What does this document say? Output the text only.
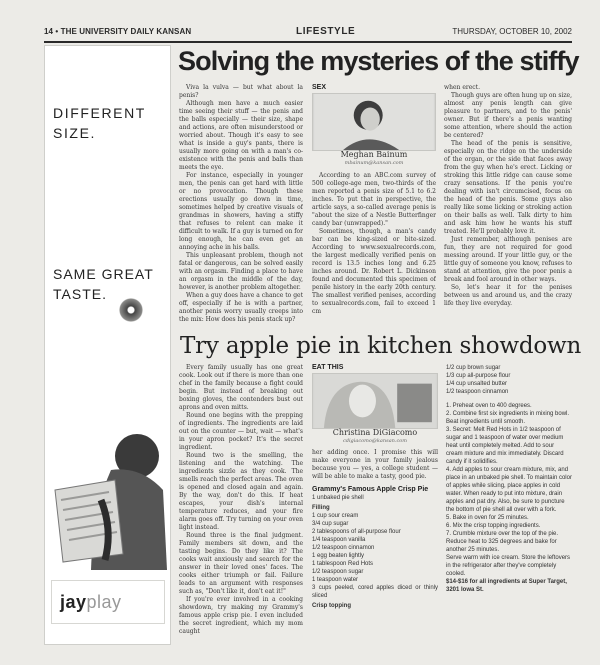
14 • THE UNIVERSITY DAILY KANSAN	LIFESTYLE	THURSDAY, OCTOBER 10, 2002
DIFFERENT
SIZE.
SAME GREAT
TASTE.
jayplay
Solving the mysteries of the stiffy

Viva la vulva — but what about la penis?

Although men have a much easier time seeing their stuff — the penis and the balls especially — their size, shape and actions, are often misunderstood or worried about. Though it's easy to see what is inside a guy's pants, there is usually more going on with a man's co-existence with the penis and balls than meets the eye.

For instance, especially in younger men, the penis can get hard with little or no provocation. Though these erections usually go down in time, sometimes helped by creative visuals of grandmas in showers, having a stiffy that refuses to relent can make it difficult to walk. If a guy is turned on for long enough, he can even get an annoying ache in his balls.

This unpleasant problem, though not fatal or dangerous, can be solved easily with an orgasm. Finding a place to have an orgasm in the middle of the day, however, is another problem altogether.

When a guy does have a chance to get off, especially if he is with a partner, another penis worry usually creeps into the mix: How does his penis stack up?

SEX
Meghan Bainum
mbainum@kansan.com

According to an ABC.com survey of 500 college-age men, two-thirds of the men reported a penis size of 5.1 to 6.2 inches. To put that in perspective, the article says, a so-called average penis is "about the size of a Nestle Butterfinger candy bar (unwrapped)."

Sometimes, though, a man's candy bar can be king-sized or bite-sized. According to www.sexualrecords.com, the largest medically verified penis on record is 13.5 inches long and 6.25 inches around. Dr. Robert L. Dickinson found and documented this specimen of penile history in the early 20th century. The smallest verified penises, according to sexualrecords.com, fail to exceed 1 cm

when erect.

Though guys are often hung up on size, almost any penis length can give pleasure to partners, and to the penis' owner. But if there's a penis wanting some attention, where should the action be centered?

The head of the penis is sensitive, especially on the ridge on the underside of the organ, or the side that faces away from the guy when he's erect. Licking or stroking this little ridge can cause some crazy sensations. If the penis you're dealing with isn't circumcised, focus on the head of the penis. Some guys also really like some licking or stroking action on their balls as well. Talk dirty to him and ask him how he wants his stuff treated. He'll probably love it.

Just remember, although penises are fun, they are not required for good messing around. If your little guy, or the little guy of someone you know, refuses to stand at attention, give the poor penis a break and fool around in other ways.

So, let's hear it for the penises between us and around us, and the crazy life they live everyday.

Try apple pie in kitchen showdown

Every family usually has one great cook. Look out if there is more than one chef in the family because a fight could begin. But instead of breaking out boxing gloves, the contenders bust out aprons and oven mitts.

Round one begins with the prepping of ingredients. The ingredients are laid out on the counter — but, wait — what's in your apron pocket? It's the secret ingredient.

Round two is the smelling, the listening and the watching. The ingredients sizzle as they cook. The smells reach the perfect areas. The oven is opened and closed again and again. By the way, don't do this. If heat escapes, your dish's internal temperature reduces, and your fire alarm goes off. Try turning on your oven light instead.

Round three is the final judgment. Family members sit down, and the tasting begins. Do they like it? The cooks wait anxiously and search for the answer in their loved ones' faces. The cooks either triumph or fail. Failure leads to an argument with responses such as, "Don't like it, don't eat it!"

If you're ever involved in a cooking showdown, try making my Grammy's famous apple crisp pie. I even included the secret ingredient, which my mom caught

EAT THIS
Christina DiGiacomo
cdigiacomo@kansan.com

her adding once. I promise this will make everyone in your family jealous because you — yes, a college student — will be able to make a tasty, good pie.

Grammy's Famous Apple Crisp Pie
1 unbaked pie shell
Filling
1 cup sour cream
3/4 cup sugar
2 tablespoons of all-purpose flour
1/4 teaspoon vanilla
1/2 teaspoon cinnamon
1 egg beaten lightly
1 tablespoon Red Hots
1/2 teaspoon sugar
1 teaspoon water
3 cups peeled, cored apples diced or thinly sliced
Crisp topping
1/2 cup brown sugar
1/3 cup all-purpose flour
1/4 cup unsalted butter
1/2 teaspoon cinnamon
1. Preheat oven to 400 degrees.
2. Combine first six ingredients in mixing bowl. Beat ingredients until smooth.
3. Secret: Melt Red Hots in 1/2 teaspoon of sugar and 1 teaspoon of water over medium heat until completely melted. Add to sour cream mixture and mix immediately. Discard candy if it solidifies.
4. Add apples to sour cream mixture, mix, and place in an unbaked pie shell. To maintain color of apples while slicing, place apples in cold water. When ready to put into mixture, drain apples and pat dry. Also, be sure to puncture the bottom of pie shell all over with a fork.
5. Bake in oven for 25 minutes.
6. Mix the crisp topping ingredients.
7. Crumble mixture over the top of the pie. Reduce heat to 325 degrees and bake for another 25 minutes.
Serve warm with ice cream. Store the leftovers in the refrigerator after they've completely cooled.
$14-$16 for all ingredients at Super Target, 3201 Iowa St.
